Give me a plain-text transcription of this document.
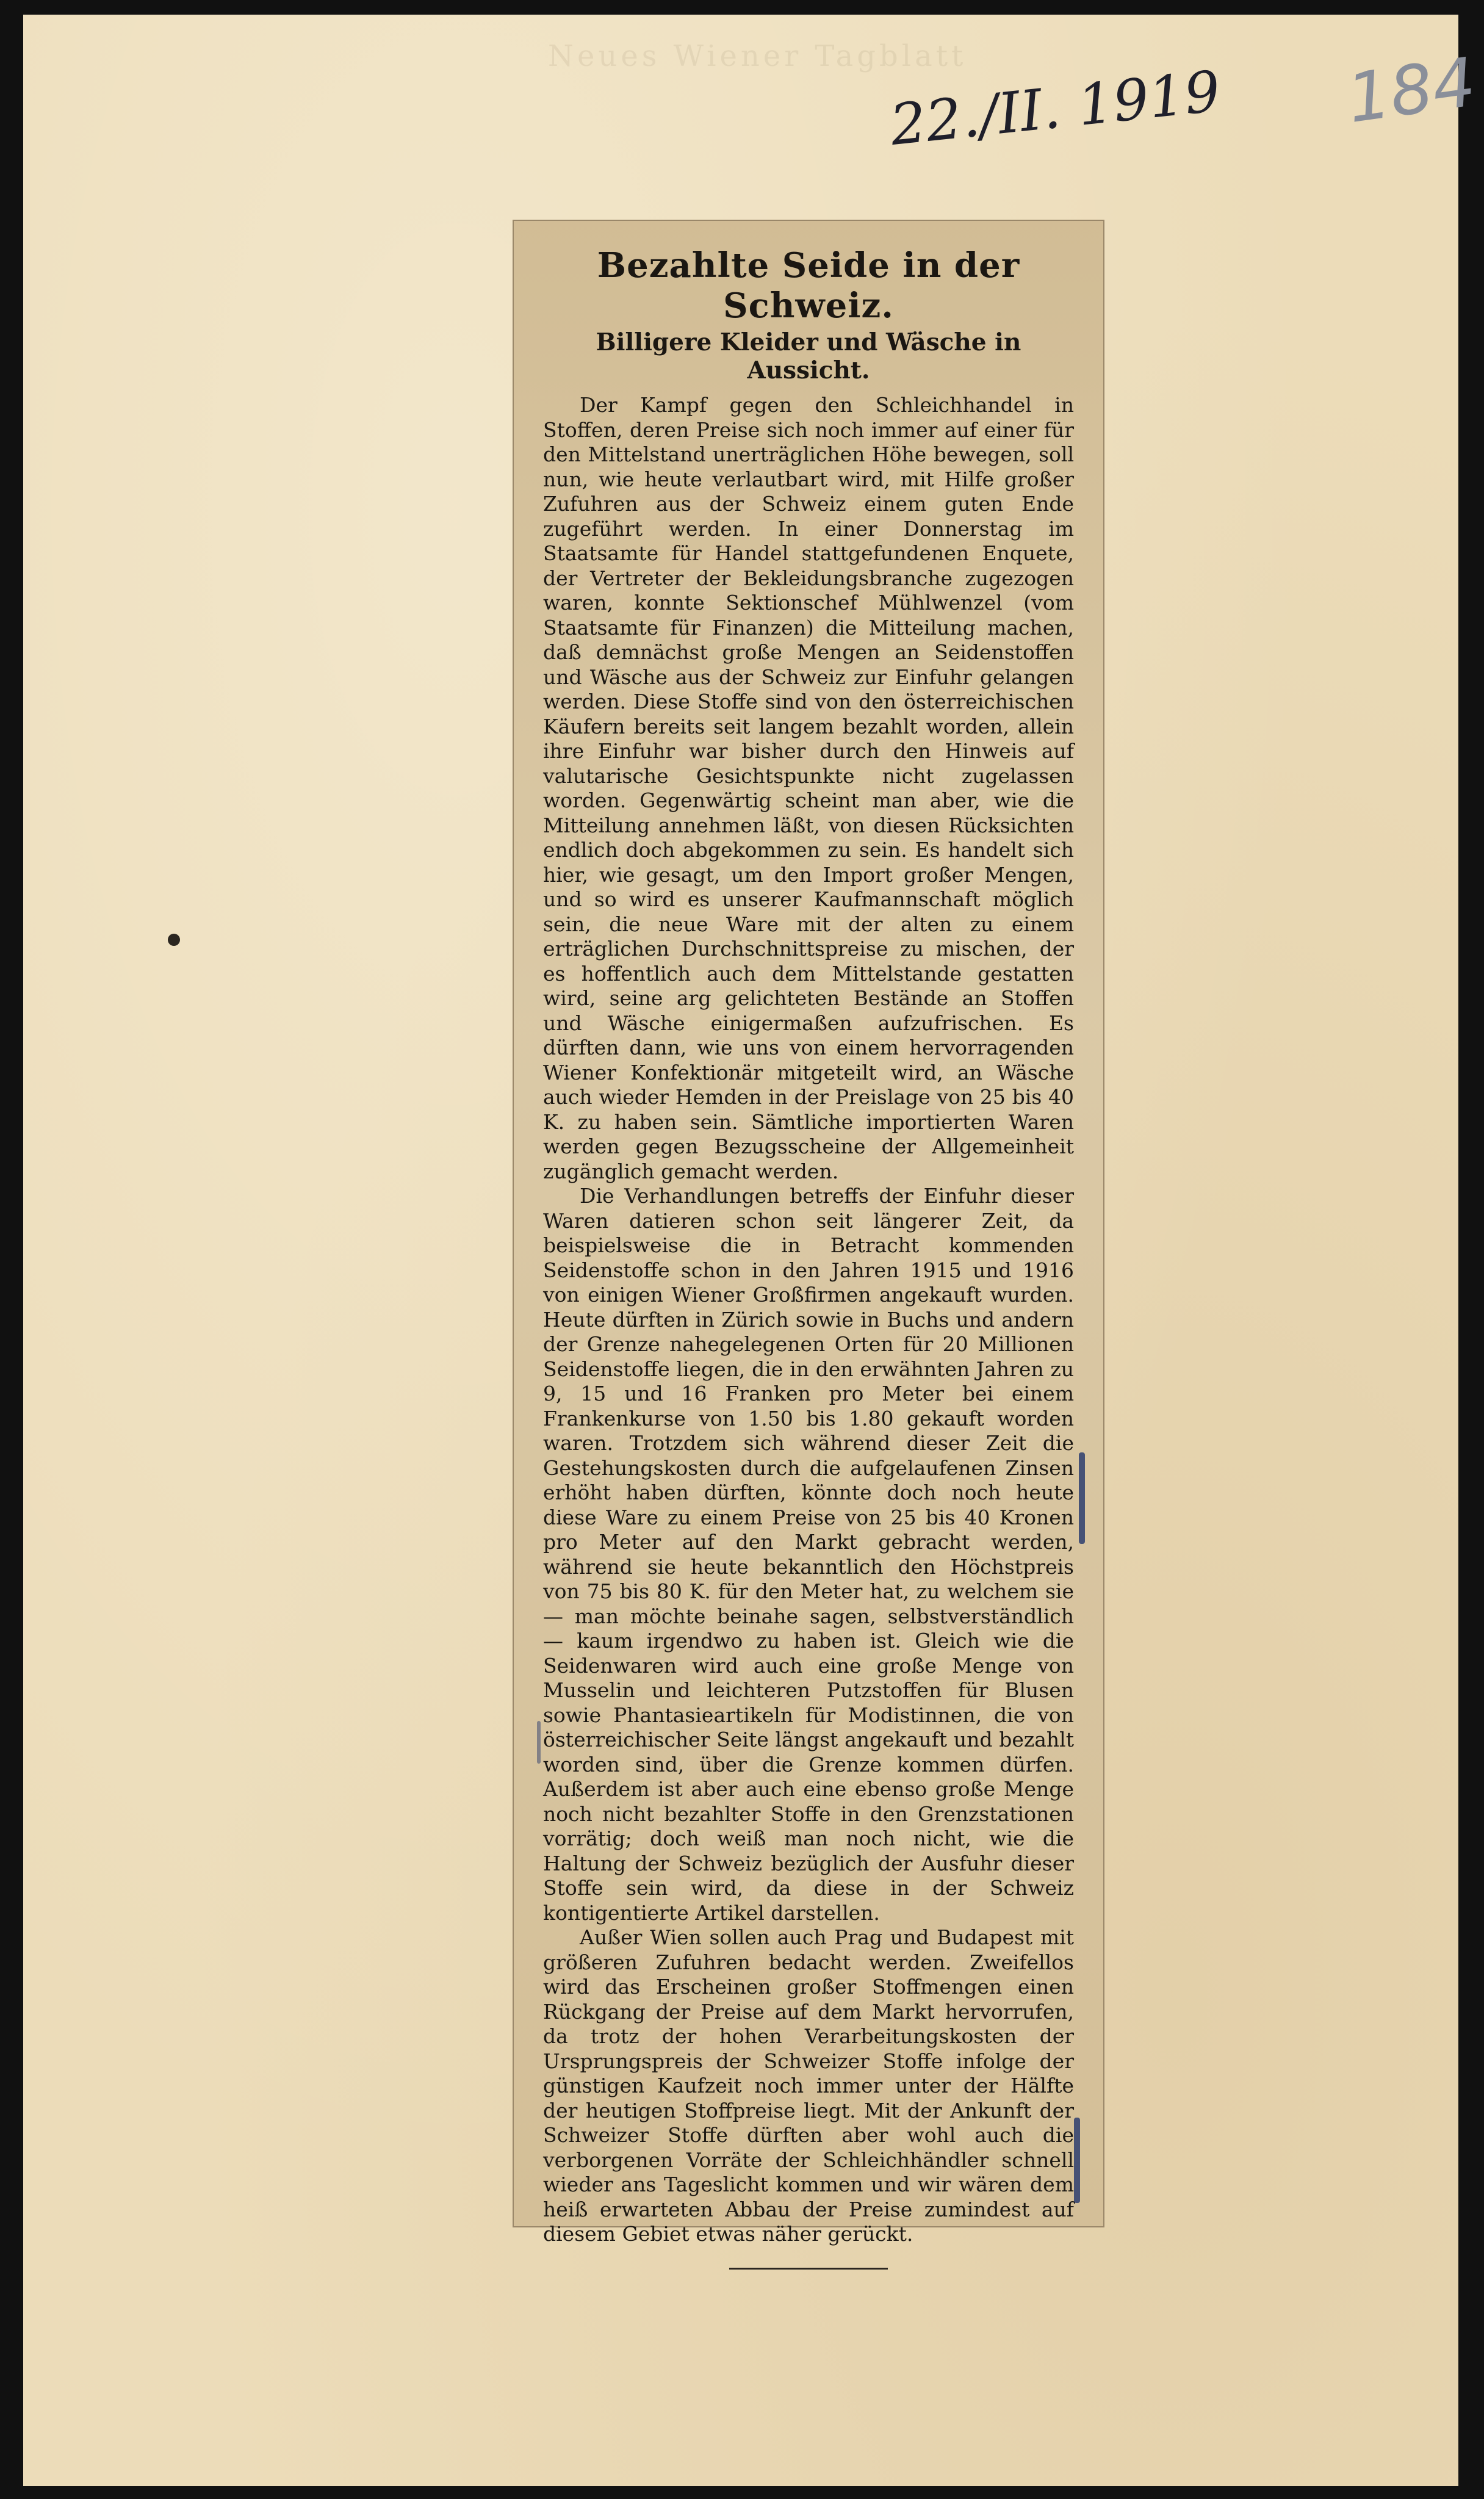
Neues Wiener Tagblatt
22./II. 1919 184
Bezahlte Seide in der Schweiz.
Billigere Kleider und Wäsche in Aussicht.

Der Kampf gegen den Schleichhandel in Stoffen, deren Preise sich noch immer auf einer für den Mittelstand unerträglichen Höhe bewegen, soll nun, wie heute verlautbart wird, mit Hilfe großer Zufuhren aus der Schweiz einem guten Ende zugeführt werden. In einer Donnerstag im Staatsamte für Handel stattgefundenen Enquete, der Vertreter der Bekleidungsbranche zugezogen waren, konnte Sektionschef Mühlwenzel (vom Staatsamte für Finanzen) die Mitteilung machen, daß demnächst große Mengen an Seidenstoffen und Wäsche aus der Schweiz zur Einfuhr gelangen werden. Diese Stoffe sind von den österreichischen Käufern bereits seit langem bezahlt worden, allein ihre Einfuhr war bisher durch den Hinweis auf valutarische Gesichtspunkte nicht zugelassen worden. Gegenwärtig scheint man aber, wie die Mitteilung annehmen läßt, von diesen Rücksichten endlich doch abgekommen zu sein. Es handelt sich hier, wie gesagt, um den Import großer Mengen, und so wird es unserer Kaufmannschaft möglich sein, die neue Ware mit der alten zu einem erträglichen Durchschnittspreise zu mischen, der es hoffentlich auch dem Mittelstande gestatten wird, seine arg gelichteten Bestände an Stoffen und Wäsche einigermaßen aufzufrischen. Es dürften dann, wie uns von einem hervorragenden Wiener Konfektionär mitgeteilt wird, an Wäsche auch wieder Hemden in der Preislage von 25 bis 40 K. zu haben sein. Sämtliche importierten Waren werden gegen Bezugsscheine der Allgemeinheit zugänglich gemacht werden.

Die Verhandlungen betreffs der Einfuhr dieser Waren datieren schon seit längerer Zeit, da beispielsweise die in Betracht kommenden Seidenstoffe schon in den Jahren 1915 und 1916 von einigen Wiener Großfirmen angekauft wurden. Heute dürften in Zürich sowie in Buchs und andern der Grenze nahegelegenen Orten für 20 Millionen Seidenstoffe liegen, die in den erwähnten Jahren zu 9, 15 und 16 Franken pro Meter bei einem Frankenkurse von 1.50 bis 1.80 gekauft worden waren. Trotzdem sich während dieser Zeit die Gestehungskosten durch die aufgelaufenen Zinsen erhöht haben dürften, könnte doch noch heute diese Ware zu einem Preise von 25 bis 40 Kronen pro Meter auf den Markt gebracht werden, während sie heute bekanntlich den Höchstpreis von 75 bis 80 K. für den Meter hat, zu welchem sie — man möchte beinahe sagen, selbstverständlich — kaum irgendwo zu haben ist. Gleich wie die Seidenwaren wird auch eine große Menge von Musselin und leichteren Putzstoffen für Blusen sowie Phantasieartikeln für Modistinnen, die von österreichischer Seite längst angekauft und bezahlt worden sind, über die Grenze kommen dürfen. Außerdem ist aber auch eine ebenso große Menge noch nicht bezahlter Stoffe in den Grenzstationen vorrätig; doch weiß man noch nicht, wie die Haltung der Schweiz bezüglich der Ausfuhr dieser Stoffe sein wird, da diese in der Schweiz kontigentierte Artikel darstellen.

Außer Wien sollen auch Prag und Budapest mit größeren Zufuhren bedacht werden. Zweifellos wird das Erscheinen großer Stoffmengen einen Rückgang der Preise auf dem Markt hervorrufen, da trotz der hohen Verarbeitungskosten der Ursprungspreis der Schweizer Stoffe infolge der günstigen Kaufzeit noch immer unter der Hälfte der heutigen Stoffpreise liegt. Mit der Ankunft der Schweizer Stoffe dürften aber wohl auch die verborgenen Vorräte der Schleichhändler schnell wieder ans Tageslicht kommen und wir wären dem heiß erwarteten Abbau der Preise zumindest auf diesem Gebiet etwas näher gerückt.
